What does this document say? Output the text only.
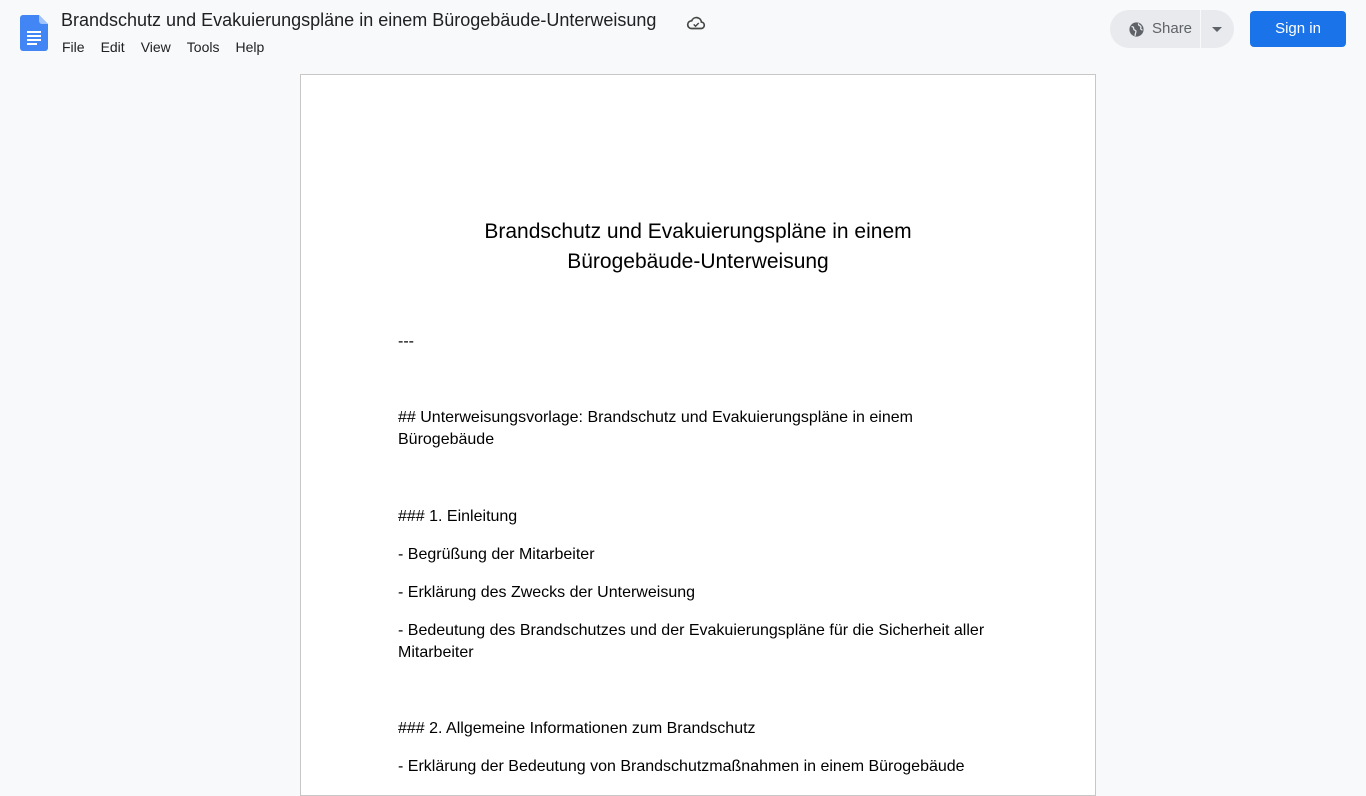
Brandschutz und Evakuierungspläne in einem Bürogebäude-Unterweisung
File	Edit	View	Tools	Help
Share	Sign in
Brandschutz und Evakuierungspläne in einem
Bürogebäude-Unterweisung
---
## Unterweisungsvorlage: Brandschutz und Evakuierungspläne in einem Bürogebäude
### 1. Einleitung
- Begrüßung der Mitarbeiter
- Erklärung des Zwecks der Unterweisung
- Bedeutung des Brandschutzes und der Evakuierungspläne für die Sicherheit aller Mitarbeiter
### 2. Allgemeine Informationen zum Brandschutz
- Erklärung der Bedeutung von Brandschutzmaßnahmen in einem Bürogebäude
